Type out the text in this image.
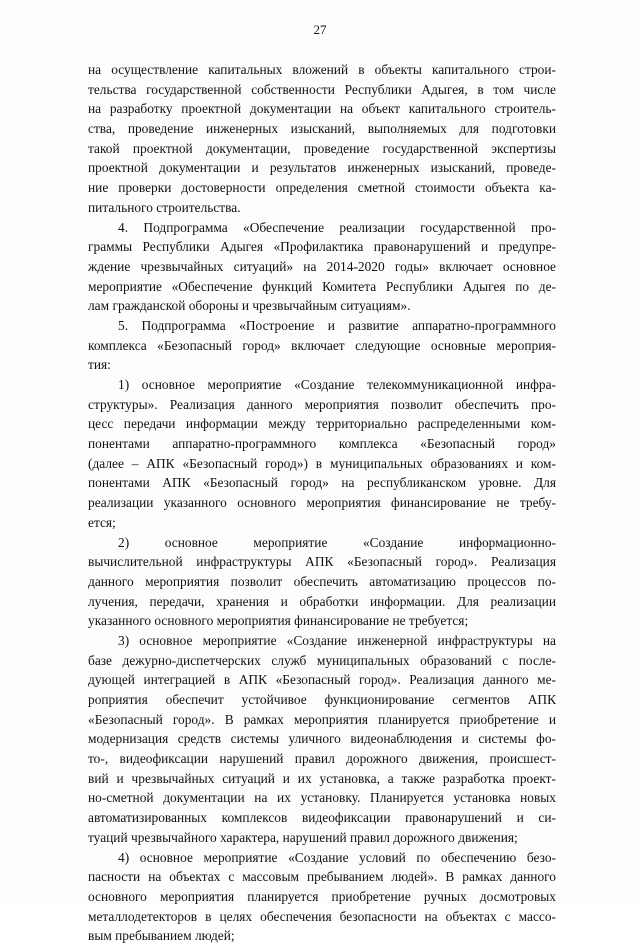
27
на осуществление капитальных вложений в объекты капитального строи-
тельства государственной собственности Республики Адыгея, в том числе
на разработку проектной документации на объект капитального строитель-
ства, проведение инженерных изысканий, выполняемых для подготовки
такой проектной документации, проведение государственной экспертизы
проектной документации и результатов инженерных изысканий, проведе-
ние проверки достоверности определения сметной стоимости объекта ка-
питального строительства.
4. Подпрограмма «Обеспечение реализации государственной про-
граммы Республики Адыгея «Профилактика правонарушений и предупре-
ждение чрезвычайных ситуаций» на 2014-2020 годы» включает основное
мероприятие «Обеспечение функций Комитета Республики Адыгея по де-
лам гражданской обороны и чрезвычайным ситуациям».
5. Подпрограмма «Построение и развитие аппаратно-программного
комплекса «Безопасный город» включает следующие основные мероприя-
тия:
1) основное мероприятие «Создание телекоммуникационной инфра-
структуры». Реализация данного мероприятия позволит обеспечить про-
цесс передачи информации между территориально распределенными ком-
понентами аппаратно-программного комплекса «Безопасный город»
(далее – АПК «Безопасный город») в муниципальных образованиях и ком-
понентами АПК «Безопасный город» на республиканском уровне. Для
реализации указанного основного мероприятия финансирование не требу-
ется;
2) основное мероприятие «Создание информационно-
вычислительной инфраструктуры АПК «Безопасный город». Реализация
данного мероприятия позволит обеспечить автоматизацию процессов по-
лучения, передачи, хранения и обработки информации. Для реализации
указанного основного мероприятия финансирование не требуется;
3) основное мероприятие «Создание инженерной инфраструктуры на
базе дежурно-диспетчерских служб муниципальных образований с после-
дующей интеграцией в АПК «Безопасный город». Реализация данного ме-
роприятия обеспечит устойчивое функционирование сегментов АПК
«Безопасный город». В рамках мероприятия планируется приобретение и
модернизация средств системы уличного видеонаблюдения и системы фо-
то-, видеофиксации нарушений правил дорожного движения, происшест-
вий и чрезвычайных ситуаций и их установка, а также разработка проект-
но-сметной документации на их установку. Планируется установка новых
автоматизированных комплексов видеофиксации правонарушений и си-
туаций чрезвычайного характера, нарушений правил дорожного движения;
4) основное мероприятие «Создание условий по обеспечению безо-
пасности на объектах с массовым пребыванием людей». В рамках данного
основного мероприятия планируется приобретение ручных досмотровых
металлодетекторов в целях обеспечения безопасности на объектах с массо-
вым пребыванием людей;
